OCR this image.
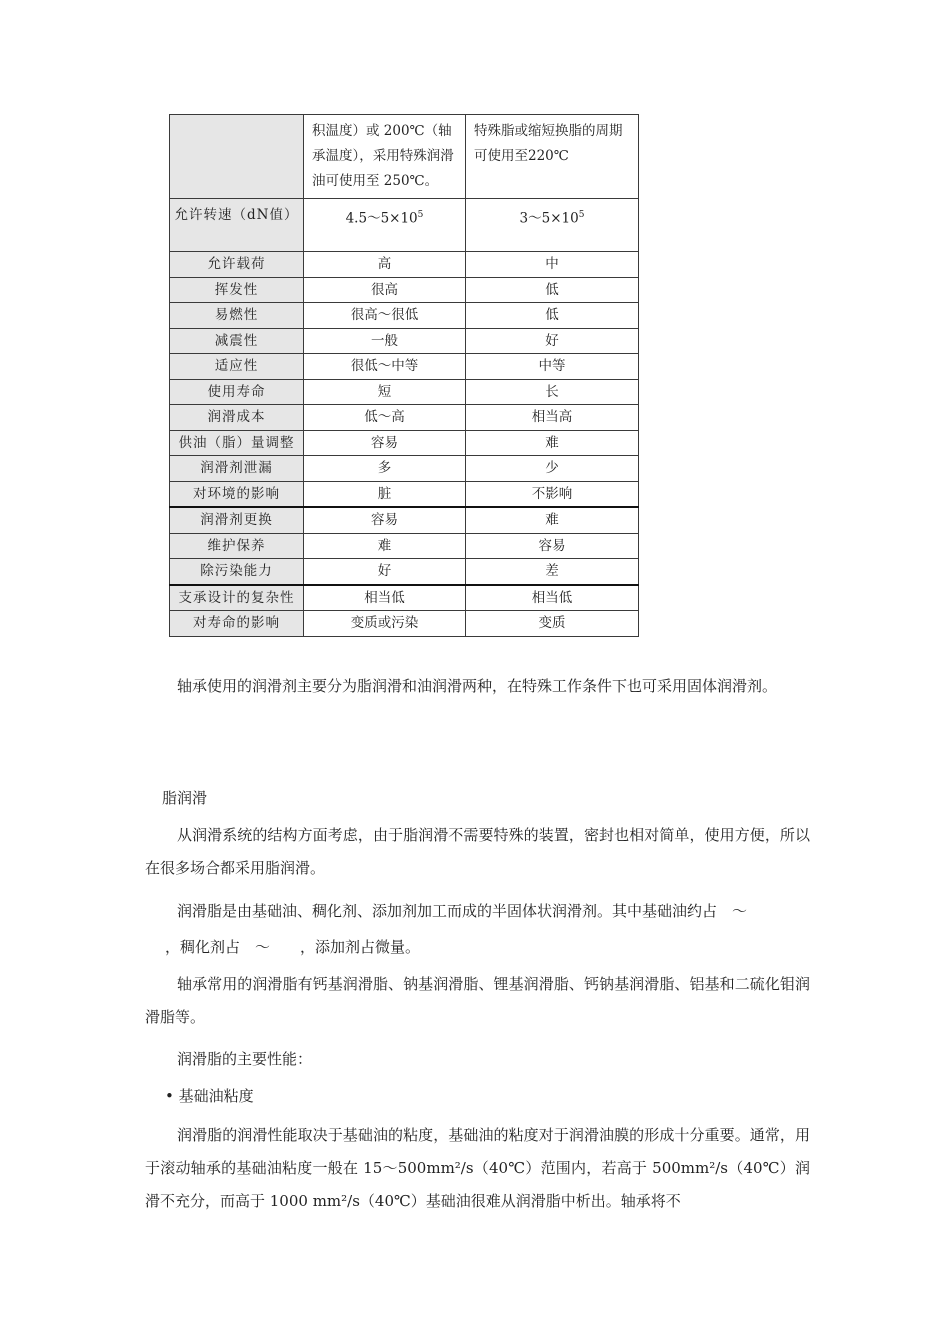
	积温度）或 200℃（轴承温度），采用特殊润滑油可使用至 250℃。	特殊脂或缩短换脂的周期可使用至220℃
允许转速（dN值）	$4.5\sim 5\times 10^5$	$3\sim 5\times 10^5$
允许载荷	高	中
挥发性	很高	低
易燃性	很高～很低	低
减震性	一般	好
适应性	很低～中等	中等
使用寿命	短	长
润滑成本	低～高	相当高
供油（脂）量调整	容易	难
润滑剂泄漏	多	少
对环境的影响	脏	不影响
润滑剂更换	容易	难
维护保养	难	容易
除污染能力	好	差
支承设计的复杂性	相当低	相当低
对寿命的影响	变质或污染	变质

轴承使用的润滑剂主要分为脂润滑和油润滑两种，在特殊工作条件下也可采用固体润滑剂。

脂润滑

从润滑系统的结构方面考虑，由于脂润滑不需要特殊的装置，密封也相对简单，使用方便，所以在很多场合都采用脂润滑。

润滑脂是由基础油、稠化剂、添加剂加工而成的半固体状润滑剂。其中基础油约占　～

，稠化剂占　～　　，添加剂占微量。

轴承常用的润滑脂有钙基润滑脂、钠基润滑脂、锂基润滑脂、钙钠基润滑脂、铝基和二硫化钼润滑脂等。

润滑脂的主要性能：

• 基础油粘度

润滑脂的润滑性能取决于基础油的粘度，基础油的粘度对于润滑油膜的形成十分重要。通常，用于滚动轴承的基础油粘度一般在 15～500mm²/s（40℃）范围内，若高于 500mm²/s（40℃）润滑不充分，而高于 1000 mm²/s（40℃）基础油很难从润滑脂中析出。轴承将不
